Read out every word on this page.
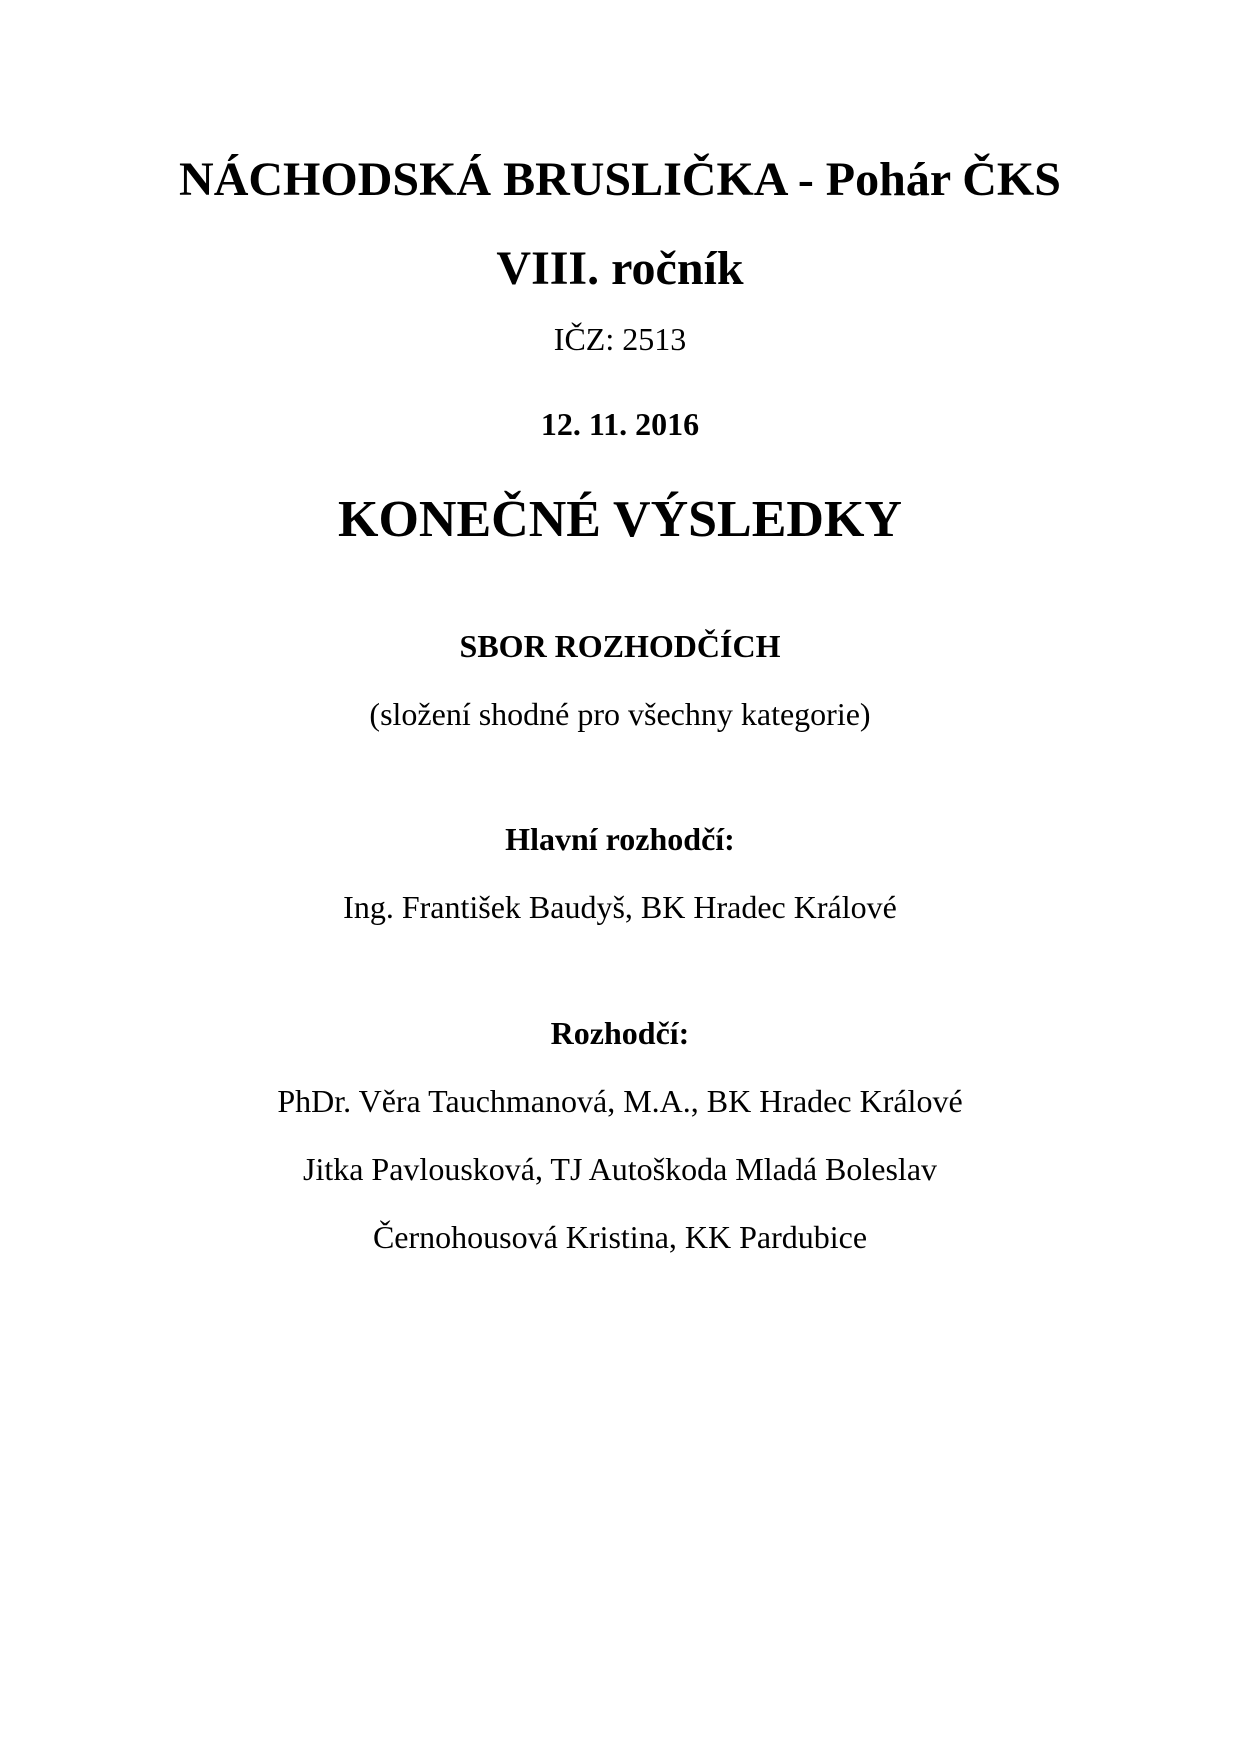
NÁCHODSKÁ BRUSLIČKA - Pohár ČKS
VIII. ročník
IČZ: 2513
12. 11. 2016
KONEČNÉ VÝSLEDKY
SBOR ROZHODČÍCH
(složení shodné pro všechny kategorie)
Hlavní rozhodčí:
Ing. František Baudyš, BK Hradec Králové
Rozhodčí:
PhDr. Věra Tauchmanová, M.A., BK Hradec Králové
Jitka Pavlousková, TJ Autoškoda Mladá Boleslav
Černohousová Kristina, KK Pardubice
